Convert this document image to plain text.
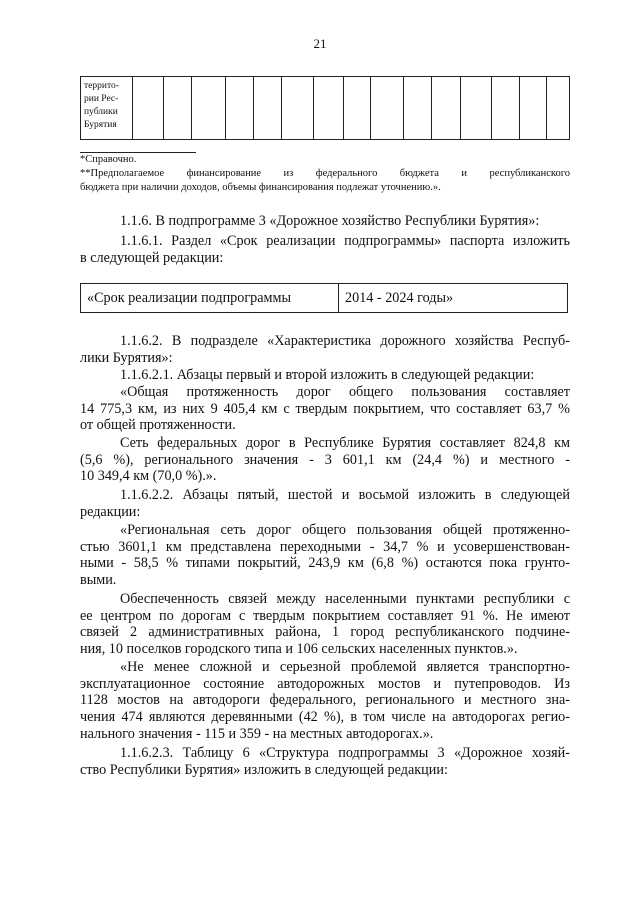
21
террито-
рии Рес-
публики
Бурятия

*Справочно.
**Предполагаемое финансирование из федерального бюджета и республиканского
бюджета при наличии доходов, объемы финансирования подлежат уточнению.».
1.1.6. В подпрограмме 3 «Дорожное хозяйство Республики Бурятия»:
1.1.6.1. Раздел «Срок реализации подпрограммы» паспорта изложить
в следующей редакции:
«Срок реализации подпрограммы	2014 - 2024 годы»
1.1.6.2. В подразделе «Характеристика дорожного хозяйства Респуб-
лики Бурятия»:
1.1.6.2.1. Абзацы первый и второй изложить в следующей редакции:
«Общая протяженность дорог общего пользования составляет
14 775,3 км, из них 9 405,4 км с твердым покрытием, что составляет 63,7 %
от общей протяженности.
Сеть федеральных дорог в Республике Бурятия составляет 824,8 км
(5,6 %), регионального значения - 3 601,1 км (24,4 %) и местного -
10 349,4 км (70,0 %).».
1.1.6.2.2. Абзацы пятый, шестой и восьмой изложить в следующей
редакции:
«Региональная сеть дорог общего пользования общей протяженно-
стью 3601,1 км представлена переходными - 34,7 % и усовершенствован-
ными - 58,5 % типами покрытий, 243,9 км (6,8 %) остаются пока грунто-
выми.
Обеспеченность связей между населенными пунктами республики с
ее центром по дорогам с твердым покрытием составляет 91 %. Не имеют
связей 2 административных района, 1 город республиканского подчине-
ния, 10 поселков городского типа и 106 сельских населенных пунктов.».
«Не менее сложной и серьезной проблемой является транспортно-
эксплуатационное состояние автодорожных мостов и путепроводов. Из
1128 мостов на автодороги федерального, регионального и местного зна-
чения 474 являются деревянными (42 %), в том числе на автодорогах регио-
нального значения - 115 и 359 - на местных автодорогах.».
1.1.6.2.3. Таблицу 6 «Структура подпрограммы 3 «Дорожное хозяй-
ство Республики Бурятия» изложить в следующей редакции:
